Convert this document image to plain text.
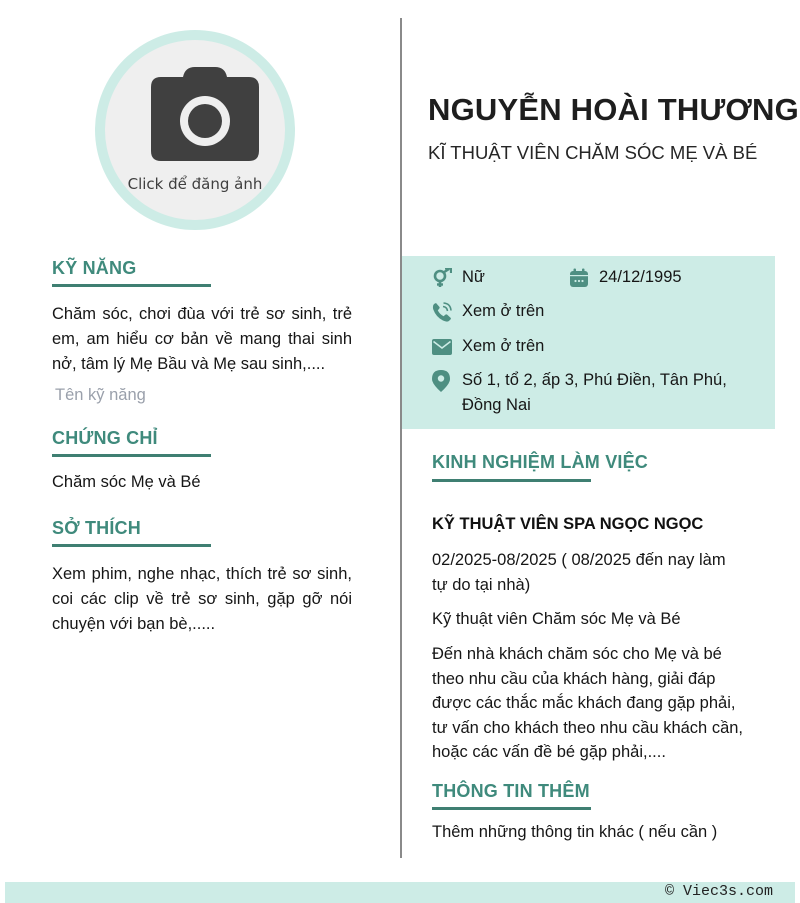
Click để đăng ảnh
KỸ NĂNG
Chăm sóc, chơi đùa với trẻ sơ sinh, trẻ
em, am hiểu cơ bản về mang thai sinh
nở, tâm lý Mẹ Bầu và Mẹ sau sinh,....
Tên kỹ năng
CHỨNG CHỈ
Chăm sóc Mẹ và Bé
SỞ THÍCH
Xem phim, nghe nhạc, thích trẻ sơ sinh,
coi các clip về trẻ sơ sinh, gặp gỡ nói
chuyện với bạn bè,.....
NGUYỄN HOÀI THƯƠNG
KĨ THUẬT VIÊN CHĂM SÓC MẸ VÀ BÉ
Nữ	24/12/1995
Xem ở trên
Xem ở trên
Số 1, tổ 2, ấp 3, Phú Điền, Tân Phú,
Đồng Nai
KINH NGHIỆM LÀM VIỆC
KỸ THUẬT VIÊN SPA NGỌC NGỌC
02/2025-08/2025 ( 08/2025 đến nay làm
tự do tại nhà)
Kỹ thuật viên Chăm sóc Mẹ và Bé
Đến nhà khách chăm sóc cho Mẹ và bé
theo nhu cầu của khách hàng, giải đáp
được các thắc mắc khách đang gặp phải,
tư vấn cho khách theo nhu cầu khách cần,
hoặc các vấn đề bé gặp phải,....
THÔNG TIN THÊM
Thêm những thông tin khác ( nếu cần )
© Viec3s.com
